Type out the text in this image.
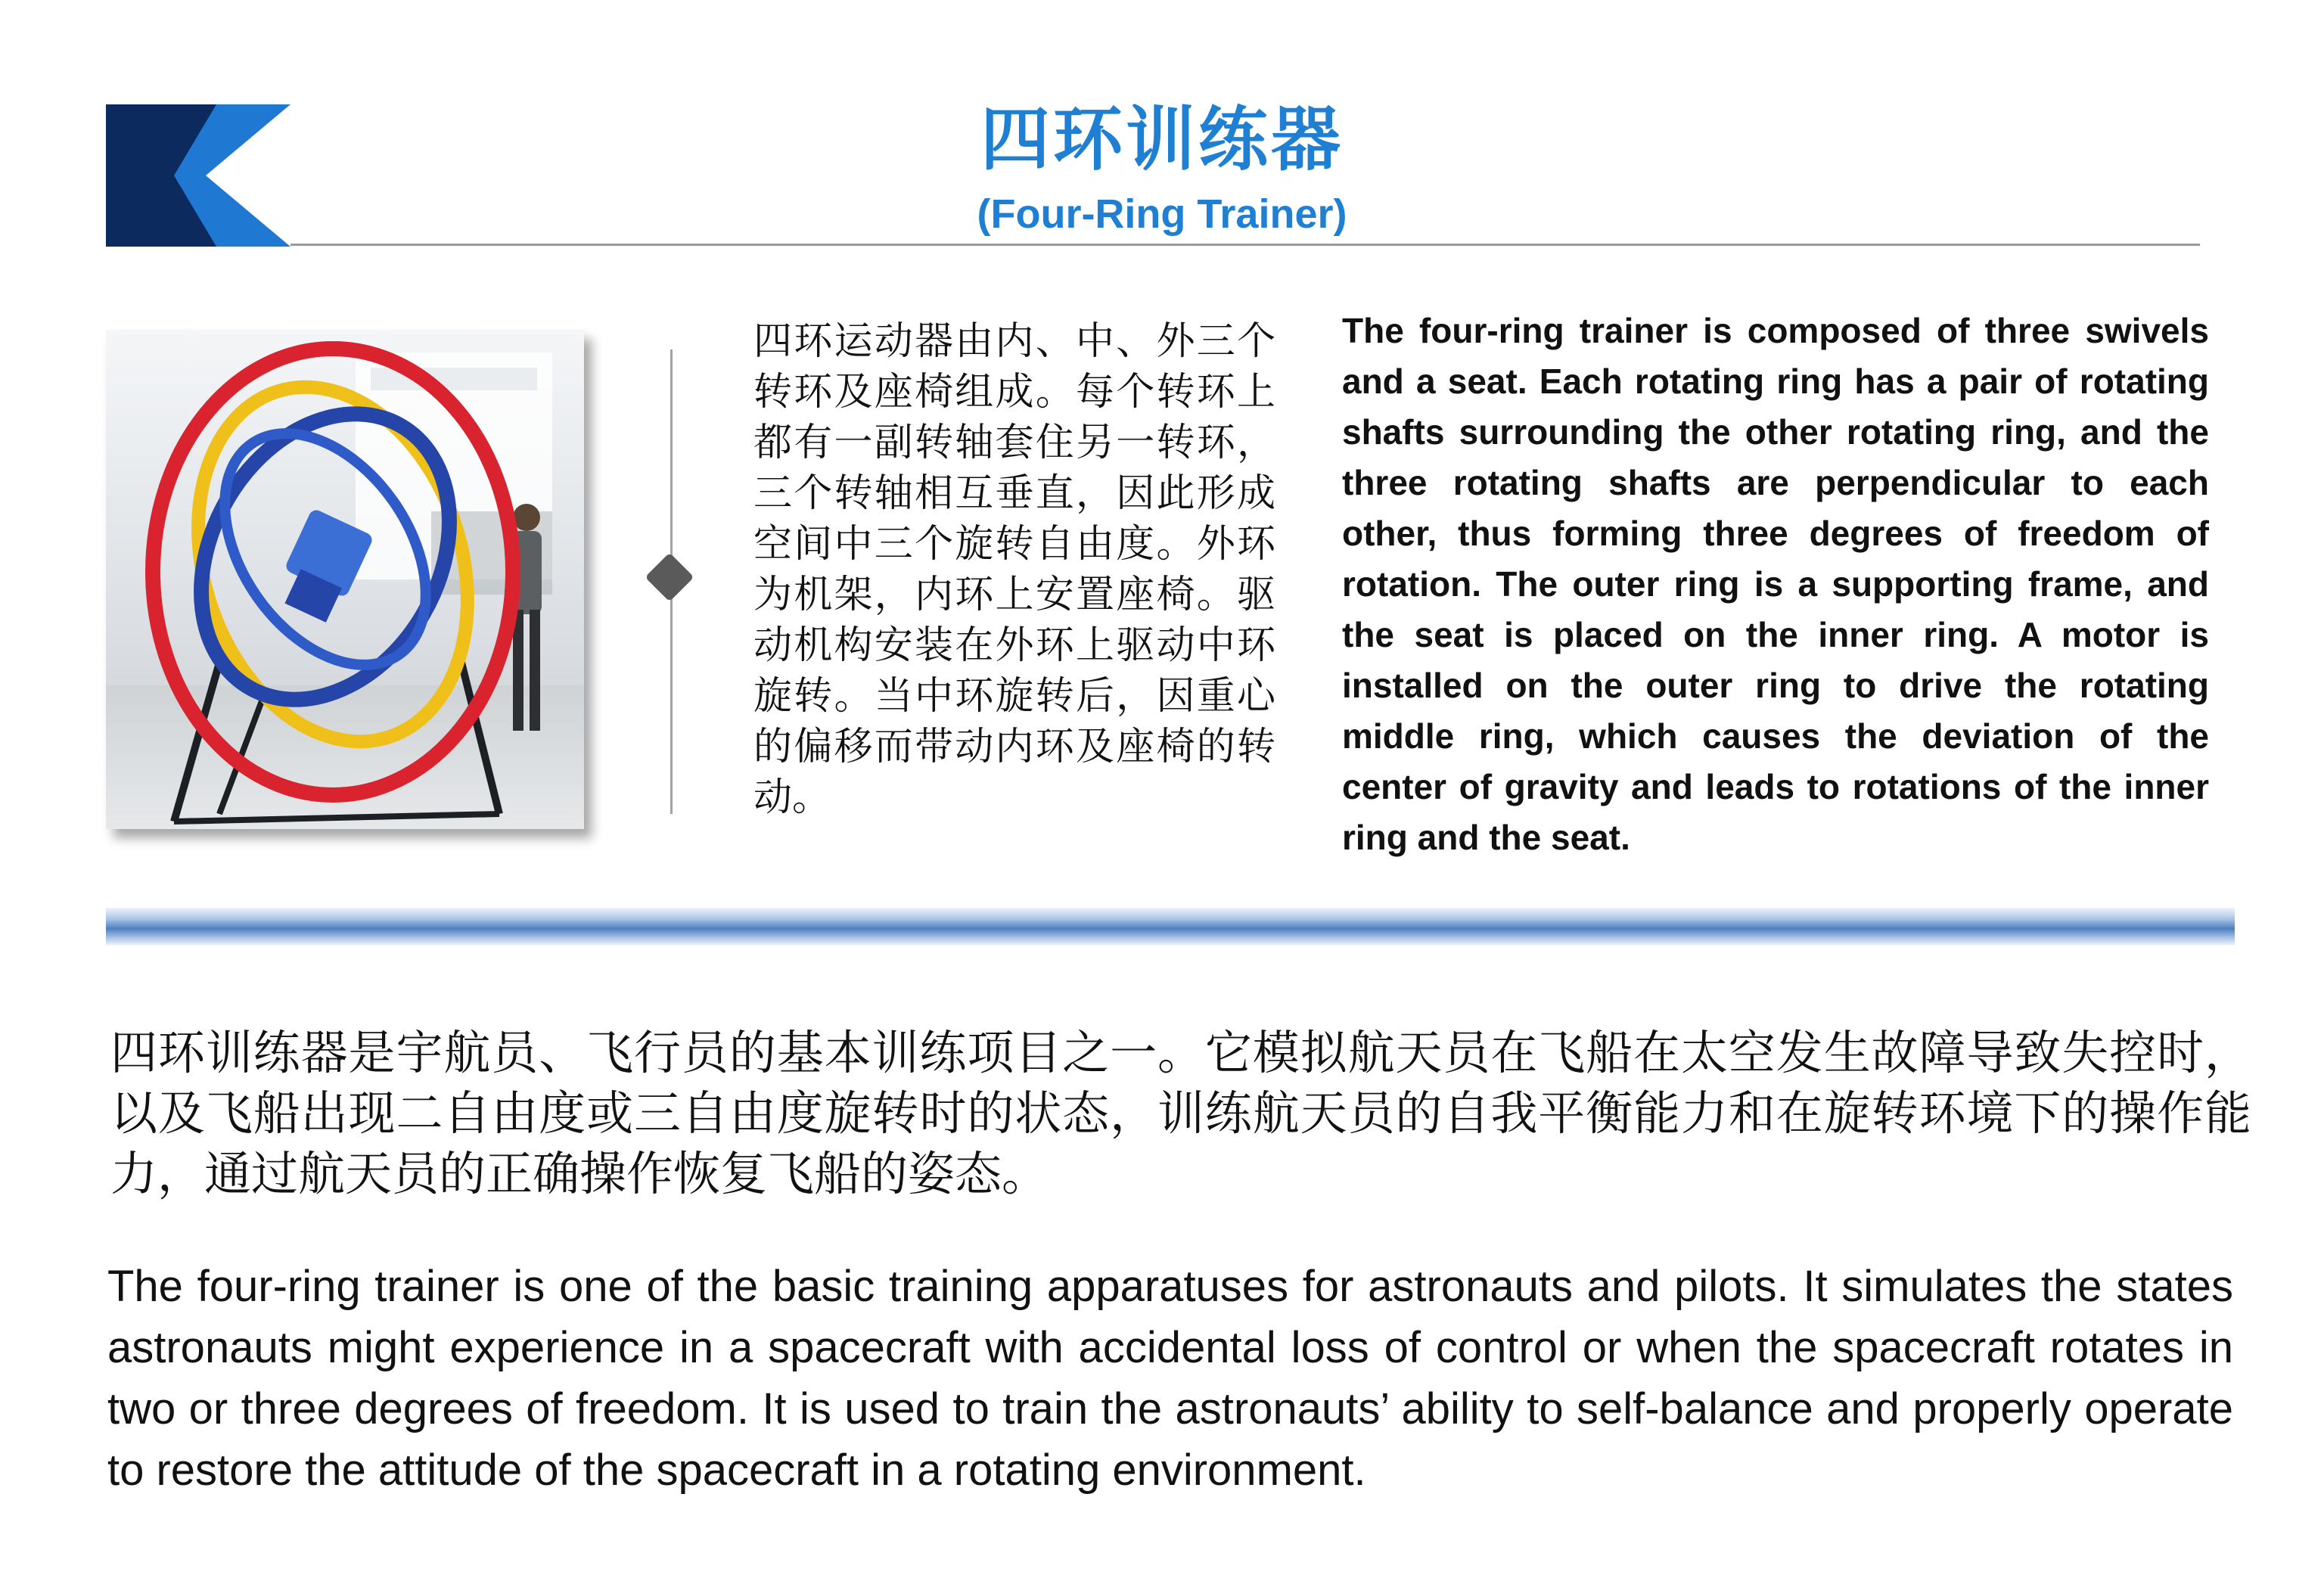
四环训练器
(Four-Ring Trainer)

四环运动器由内、中、外三个转环及座椅组成。每个转环上都有一副转轴套住另一转环，三个转轴相互垂直，因此形成空间中三个旋转自由度。外环为机架，内环上安置座椅。驱动机构安装在外环上驱动中环旋转。当中环旋转后，因重心的偏移而带动内环及座椅的转动。

The four-ring trainer is composed of three swivels and a seat. Each rotating ring has a pair of rotating shafts surrounding the other rotating ring, and the three rotating shafts are perpendicular to each other, thus forming three degrees of freedom of rotation. The outer ring is a supporting frame, and the seat is placed on the inner ring. A motor is installed on the outer ring to drive the rotating middle ring, which causes the deviation of the center of gravity and leads to rotations of the inner ring and the seat.

四环训练器是宇航员、飞行员的基本训练项目之一。它模拟航天员在飞船在太空发生故障导致失控时，以及飞船出现二自由度或三自由度旋转时的状态，训练航天员的自我平衡能力和在旋转环境下的操作能力，通过航天员的正确操作恢复飞船的姿态。

The four-ring trainer is one of the basic training apparatuses for astronauts and pilots. It simulates the states astronauts might experience in a spacecraft with accidental loss of control or when the spacecraft rotates in two or three degrees of freedom. It is used to train the astronauts’ ability to self-balance and properly operate to restore the attitude of the spacecraft in a rotating environment.
